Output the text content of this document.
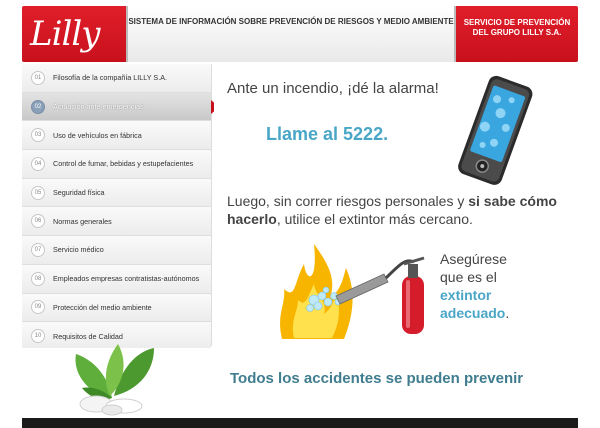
Lilly	SISTEMA DE INFORMACIÓN SOBRE PREVENCIÓN DE RIESGOS Y MEDIO AMBIENTE SERVICIO DE PREVENCIÓN
DEL GRUPO LILLY S.A.
01	Filosofía de la compañía LILLY S.A.
02	Actuación ante emergencias
03	Uso de vehículos en fábrica
04	Control de fumar, bebidas y estupefacientes
05	Seguridad física
06	Normas generales
07	Servicio médico
08	Empleados empresas contratistas-autónomos
09	Protección del medio ambiente
10	Requisitos de Calidad
Ante un incendio, ¡dé la alarma!
Llame al 5222.
Luego, sin correr riesgos personales y si sabe cómo hacerlo, utilice el extintor más cercano.
Asegúrese
que es el
extintor
adecuado.
Todos los accidentes se pueden prevenir
